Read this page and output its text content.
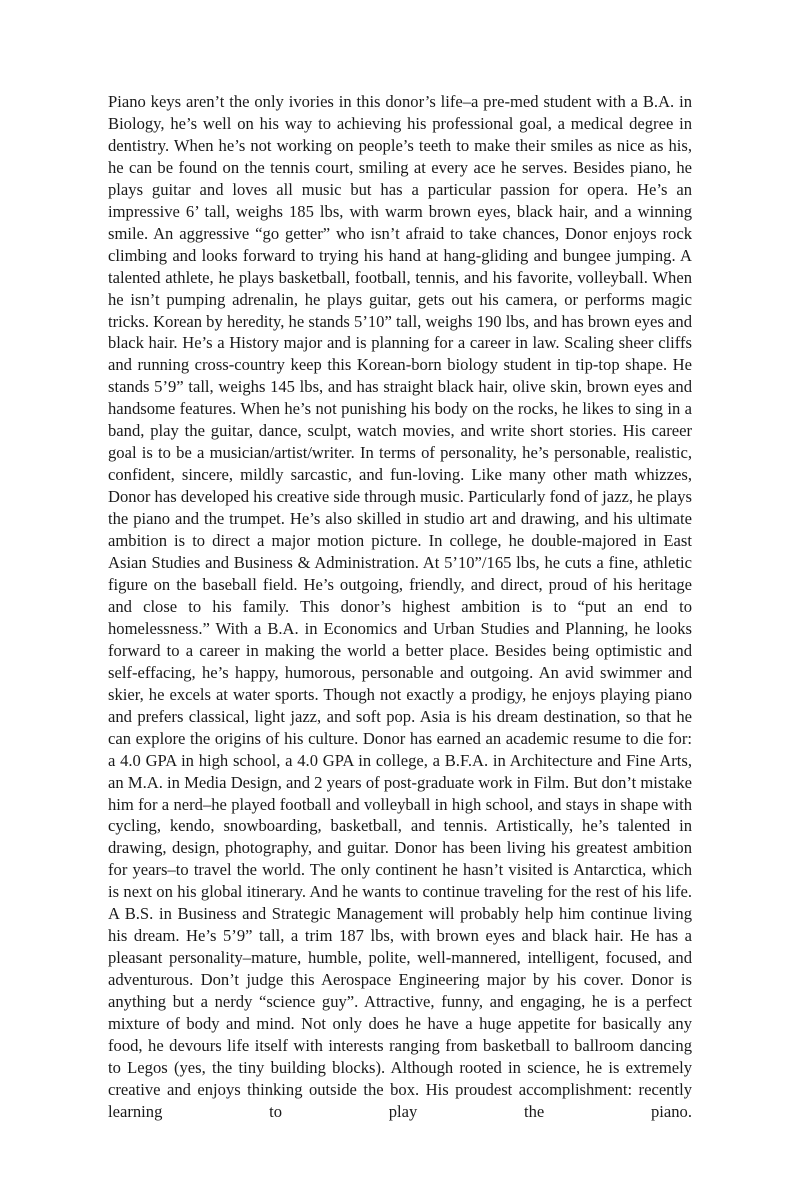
Piano keys aren’t the only ivories in this donor’s life–a pre-med student with a B.A. in Biology, he’s well on his way to achieving his professional goal, a medical degree in dentistry. When he’s not working on people’s teeth to make their smiles as nice as his, he can be found on the tennis court, smiling at every ace he serves. Besides piano, he plays guitar and loves all music but has a particular passion for opera. He’s an impressive 6’ tall, weighs 185 lbs, with warm brown eyes, black hair, and a winning smile. An aggressive “go getter” who isn’t afraid to take chances, Donor enjoys rock climbing and looks forward to trying his hand at hang-gliding and bungee jumping. A talented athlete, he plays basketball, football, tennis, and his favorite, volleyball. When he isn’t pumping adrenalin, he plays guitar, gets out his camera, or performs magic tricks. Korean by heredity, he stands 5’10” tall, weighs 190 lbs, and has brown eyes and black hair. He’s a History major and is planning for a career in law. Scaling sheer cliffs and running cross-country keep this Korean-born biology student in tip-top shape. He stands 5’9” tall, weighs 145 lbs, and has straight black hair, olive skin, brown eyes and handsome features. When he’s not punishing his body on the rocks, he likes to sing in a band, play the guitar, dance, sculpt, watch movies, and write short stories. His career goal is to be a musician/artist/writer. In terms of personality, he’s personable, realistic, confident, sincere, mildly sarcastic, and fun-loving. Like many other math whizzes, Donor has developed his creative side through music. Particularly fond of jazz, he plays the piano and the trumpet. He’s also skilled in studio art and drawing, and his ultimate ambition is to direct a major motion picture. In college, he double-majored in East Asian Studies and Business & Administration. At 5’10”/165 lbs, he cuts a fine, athletic figure on the baseball field. He’s outgoing, friendly, and direct, proud of his heritage and close to his family. This donor’s highest ambition is to “put an end to homelessness.” With a B.A. in Economics and Urban Studies and Planning, he looks forward to a career in making the world a better place. Besides being optimistic and self-effacing, he’s happy, humorous, personable and outgoing. An avid swimmer and skier, he excels at water sports. Though not exactly a prodigy, he enjoys playing piano and prefers classical, light jazz, and soft pop. Asia is his dream destination, so that he can explore the origins of his culture. Donor has earned an academic resume to die for: a 4.0 GPA in high school, a 4.0 GPA in college, a B.F.A. in Architecture and Fine Arts, an M.A. in Media Design, and 2 years of post-graduate work in Film. But don’t mistake him for a nerd–he played football and volleyball in high school, and stays in shape with cycling, kendo, snowboarding, basketball, and tennis. Artistically, he’s talented in drawing, design, photography, and guitar. Donor has been living his greatest ambition for years–to travel the world. The only continent he hasn’t visited is Antarctica, which is next on his global itinerary. And he wants to continue traveling for the rest of his life. A B.S. in Business and Strategic Management will probably help him continue living his dream. He’s 5’9” tall, a trim 187 lbs, with brown eyes and black hair. He has a pleasant personality–mature, humble, polite, well-mannered, intelligent, focused, and adventurous. Don’t judge this Aerospace Engineering major by his cover. Donor is anything but a nerdy “science guy”. Attractive, funny, and engaging, he is a perfect mixture of body and mind. Not only does he have a huge appetite for basically any food, he devours life itself with interests ranging from basketball to ballroom dancing to Legos (yes, the tiny building blocks). Although rooted in science, he is extremely creative and enjoys thinking outside the box. His proudest accomplishment: recently learning to play the piano.
